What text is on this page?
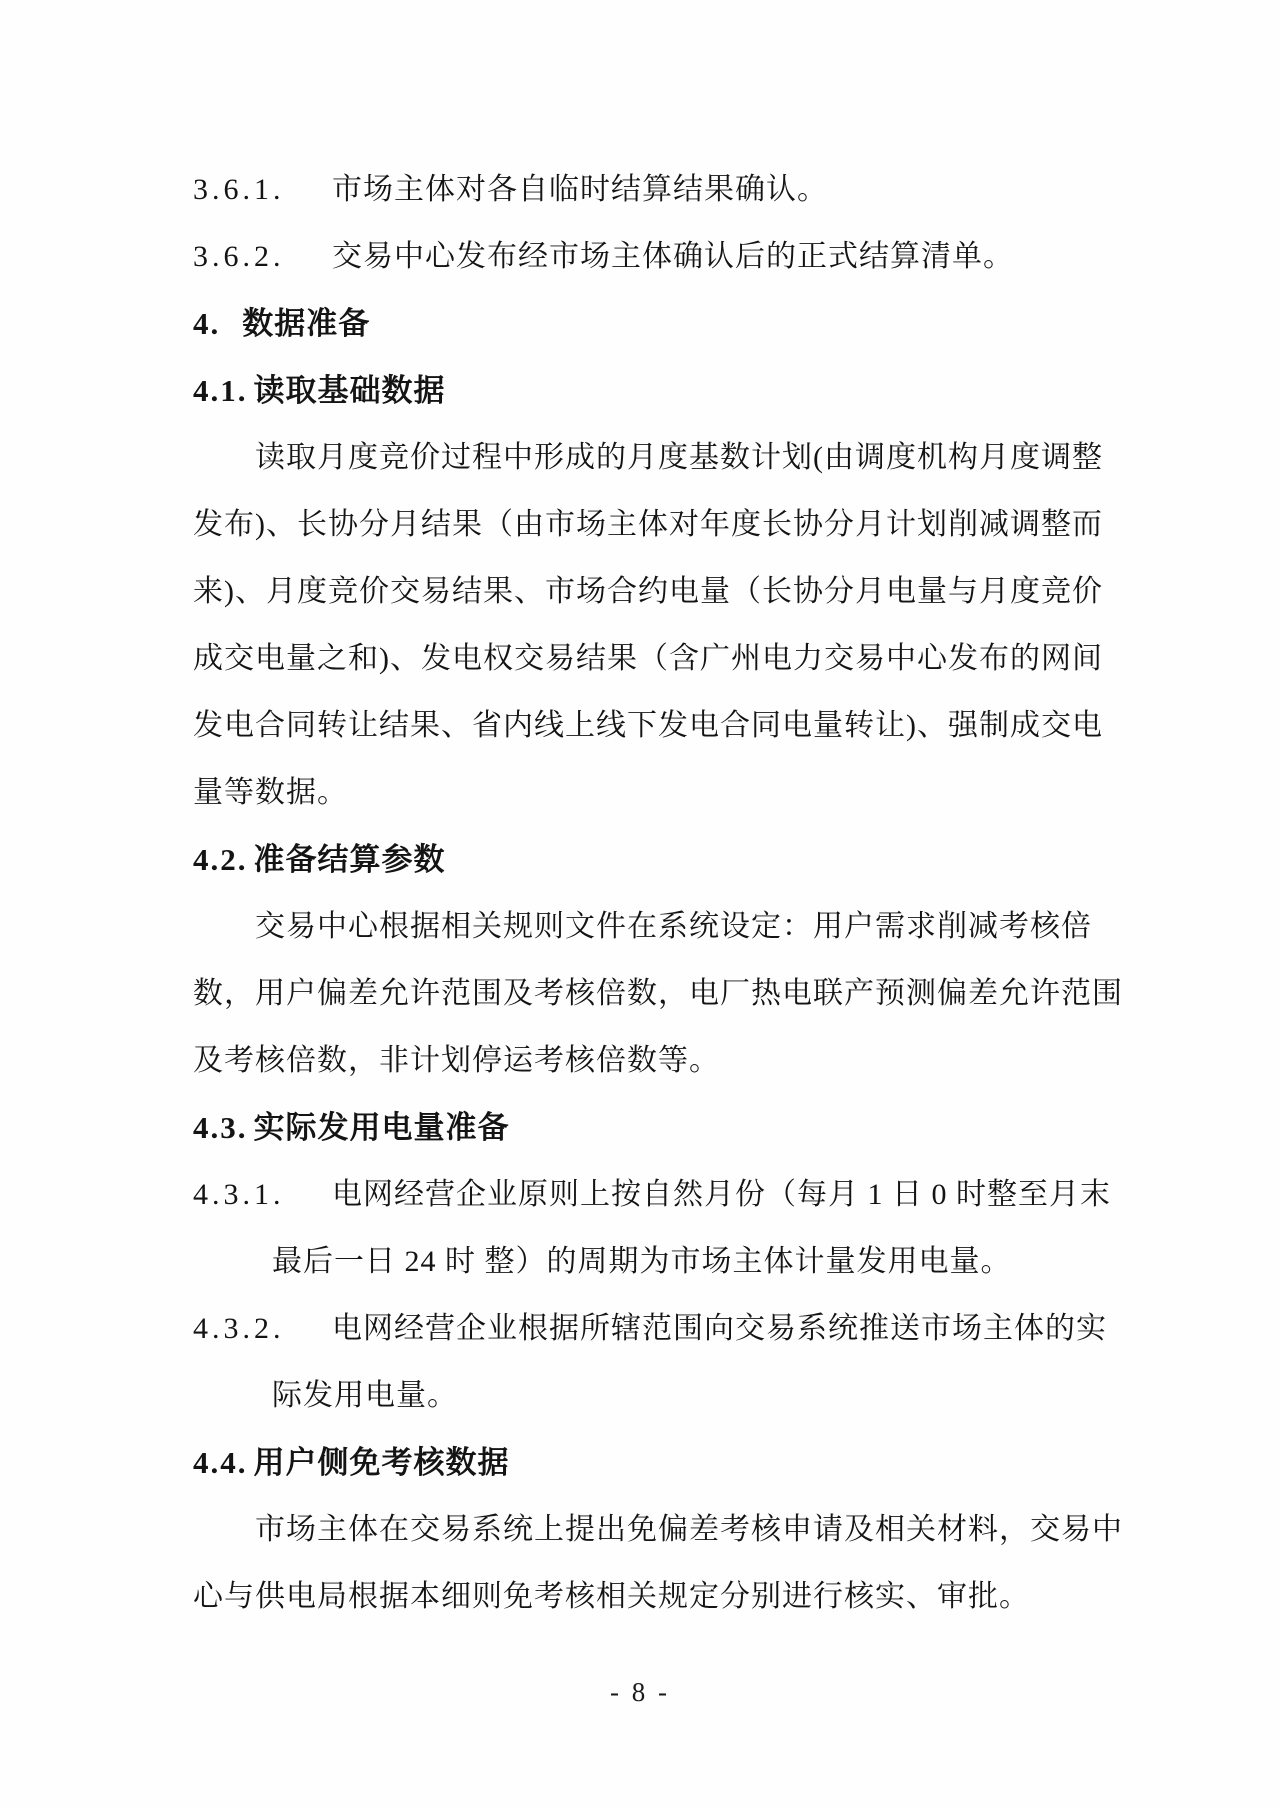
3.6.1. 市场主体对各自临时结算结果确认。
3.6.2. 交易中心发布经市场主体确认后的正式结算清单。
4. 数据准备
4.1. 读取基础数据
读取月度竞价过程中形成的月度基数计划(由调度机构月度调整
发布)、长协分月结果（由市场主体对年度长协分月计划削减调整而
来)、月度竞价交易结果、市场合约电量（长协分月电量与月度竞价
成交电量之和)、发电权交易结果（含广州电力交易中心发布的网间
发电合同转让结果、省内线上线下发电合同电量转让)、强制成交电
量等数据。
4.2. 准备结算参数
交易中心根据相关规则文件在系统设定：用户需求削减考核倍
数，用户偏差允许范围及考核倍数，电厂热电联产预测偏差允许范围
及考核倍数，非计划停运考核倍数等。
4.3. 实际发用电量准备
4.3.1. 电网经营企业原则上按自然月份（每月 1 日 0 时整至月末
最后一日 24 时 整）的周期为市场主体计量发用电量。
4.3.2. 电网经营企业根据所辖范围向交易系统推送市场主体的实
际发用电量。
4.4. 用户侧免考核数据
市场主体在交易系统上提出免偏差考核申请及相关材料，交易中
心与供电局根据本细则免考核相关规定分别进行核实、审批。
- 8 -
